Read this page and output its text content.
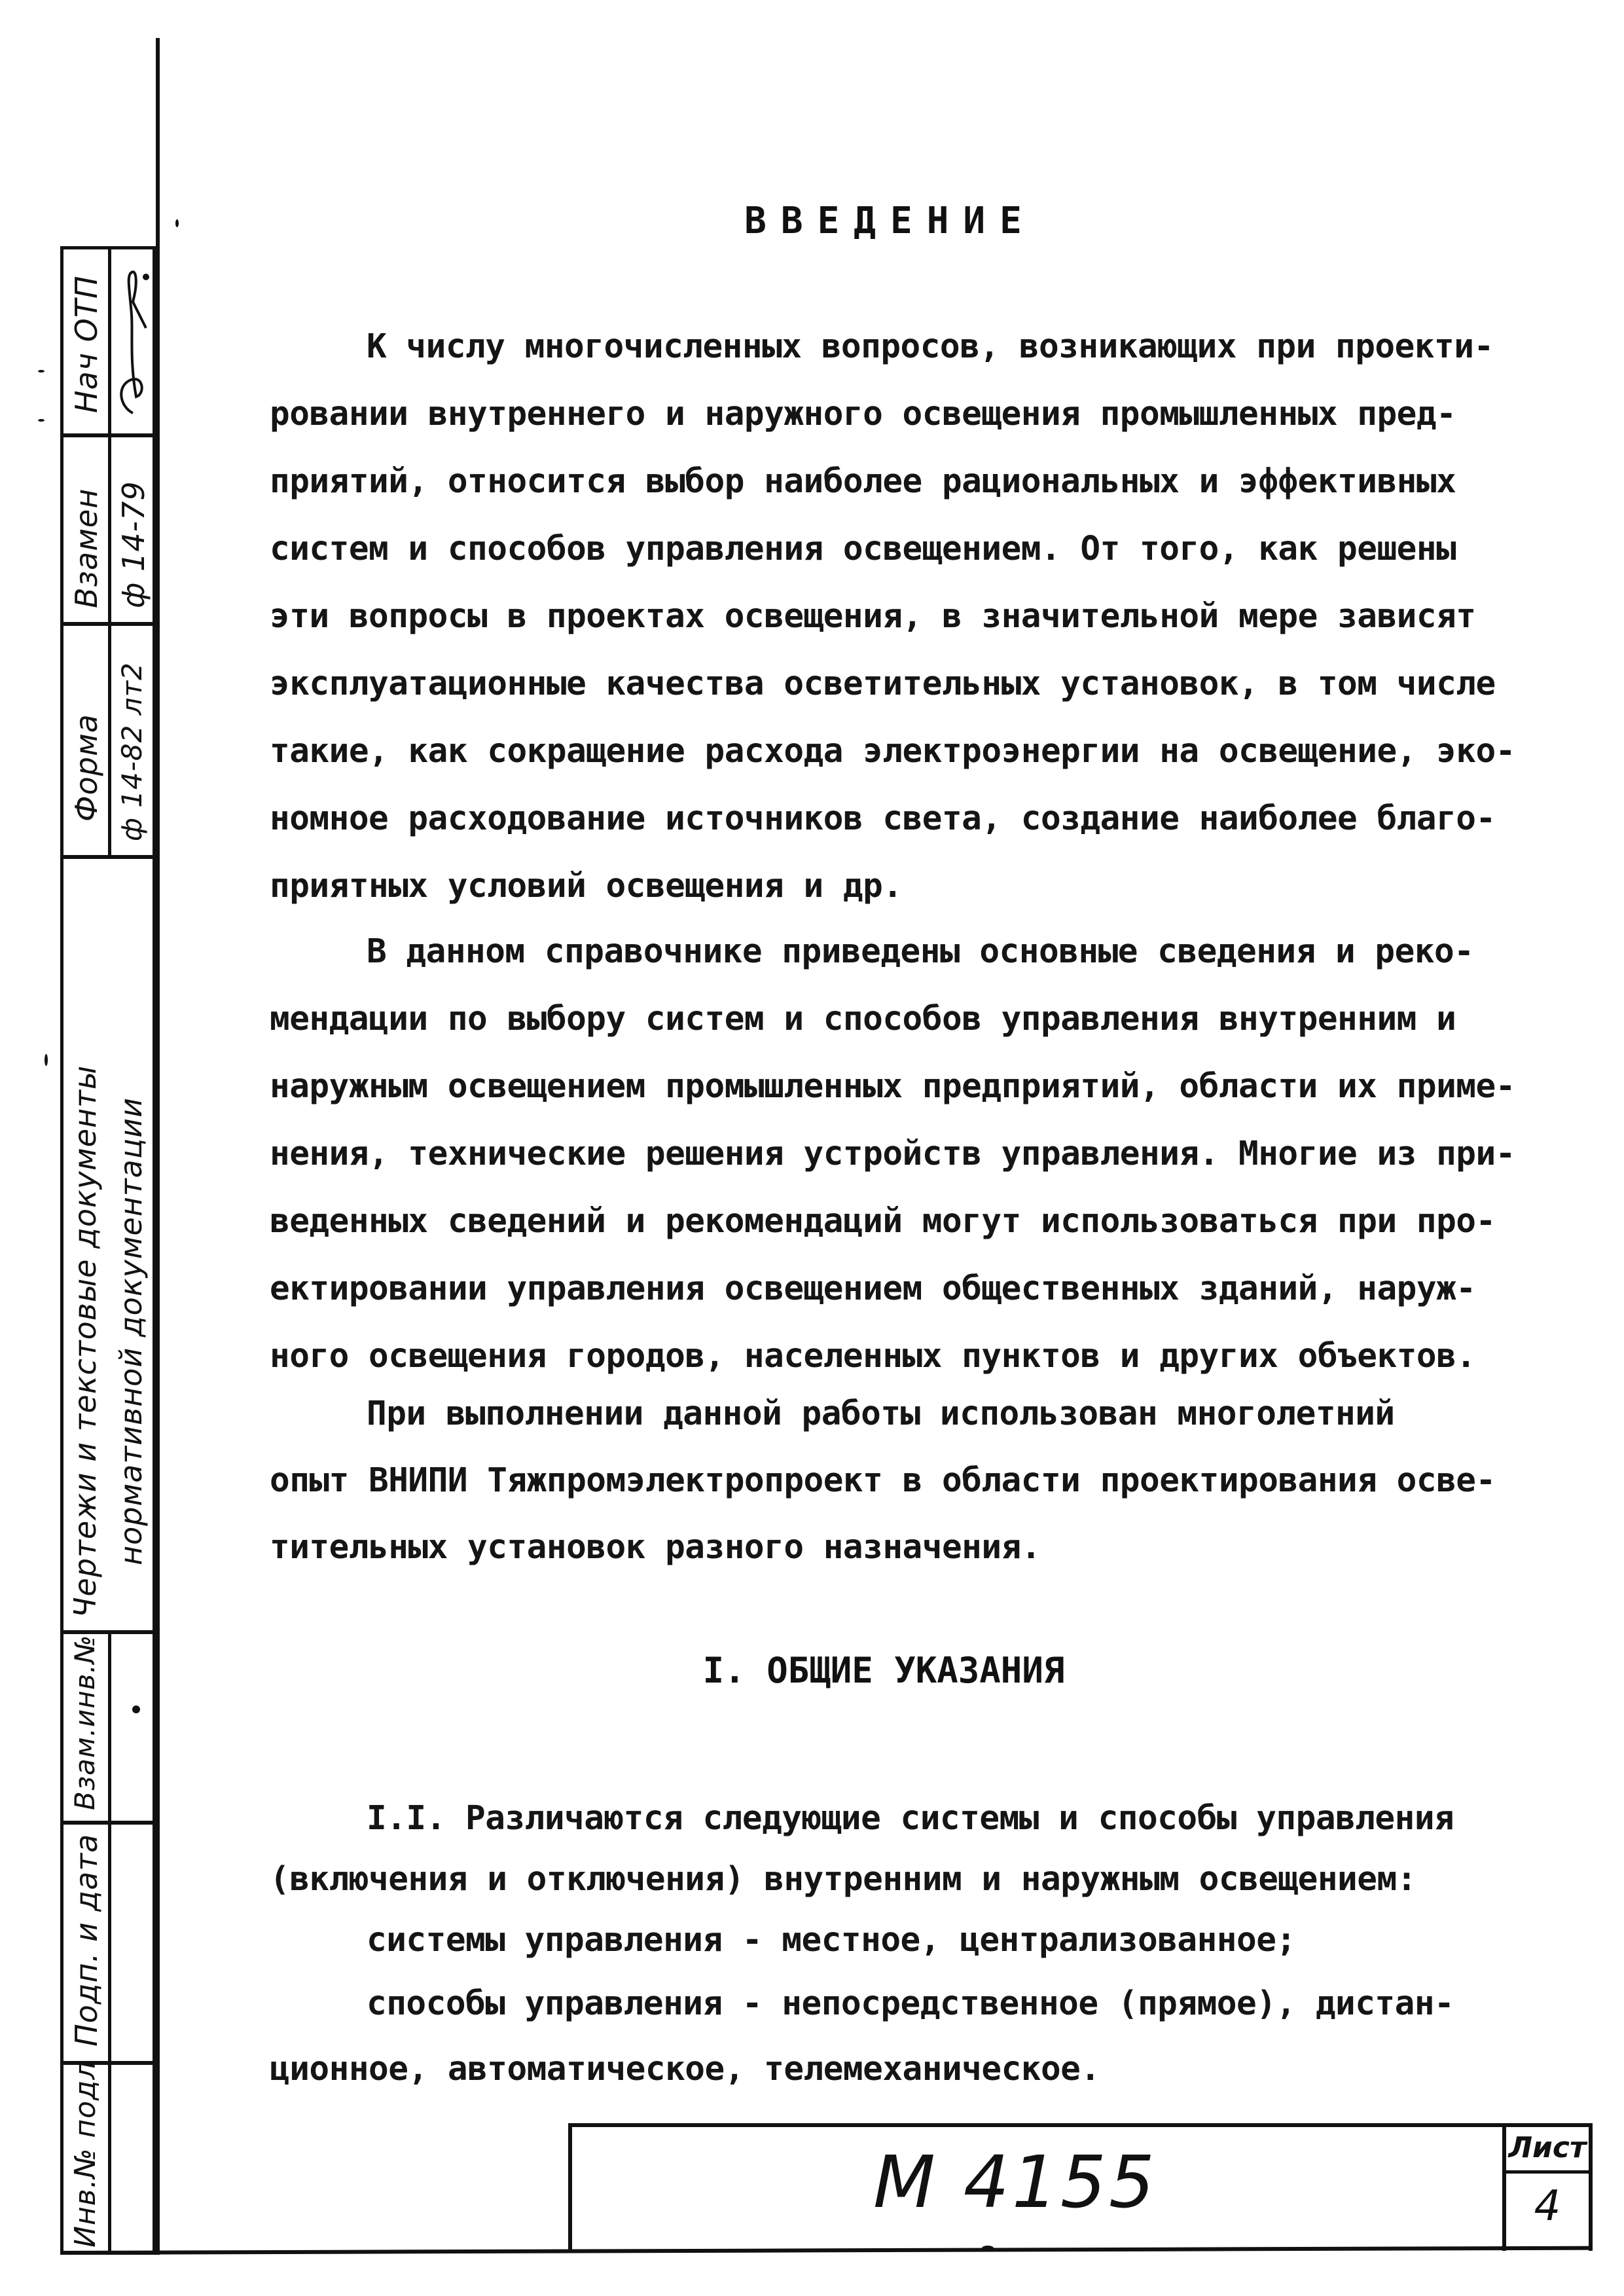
Нач ОТП
Взамен ф 14-79
Форма ф 14-82 лт2
Чертежи и текстовые документы нормативной документации
Взам.инв.№
Подп. и дата
Инв.№ подл
ВВЕДЕНИЕ
К числу многочисленных вопросов, возникающих при проекти-
ровании внутреннего и наружного освещения промышленных пред-
приятий, относится выбор наиболее рациональных и эффективных
систем и способов управления освещением. От того, как решены
эти вопросы в проектах освещения, в значительной мере зависят
эксплуатационные качества осветительных установок, в том числе
такие, как сокращение расхода электроэнергии на освещение, эко-
номное расходование источников света, создание наиболее благо-
приятных условий освещения и др.
В данном справочнике приведены основные сведения и реко-
мендации по выбору систем и способов управления внутренним и
наружным освещением промышленных предприятий, области их приме-
нения, технические решения устройств управления. Многие из при-
веденных сведений и рекомендаций могут использоваться при про-
ектировании управления освещением общественных зданий, наруж-
ного освещения городов, населенных пунктов и других объектов.
При выполнении данной работы использован многолетний
опыт ВНИПИ Тяжпромэлектропроект в области проектирования осве-
тительных установок разного назначения.
I. ОБЩИЕ УКАЗАНИЯ
I.I. Различаются следующие системы и способы управления
(включения и отключения) внутренним и наружным освещением:
системы управления - местное, централизованное;
способы управления - непосредственное (прямое), дистан-
ционное, автоматическое, телемеханическое.
М 4155	Лист
4
